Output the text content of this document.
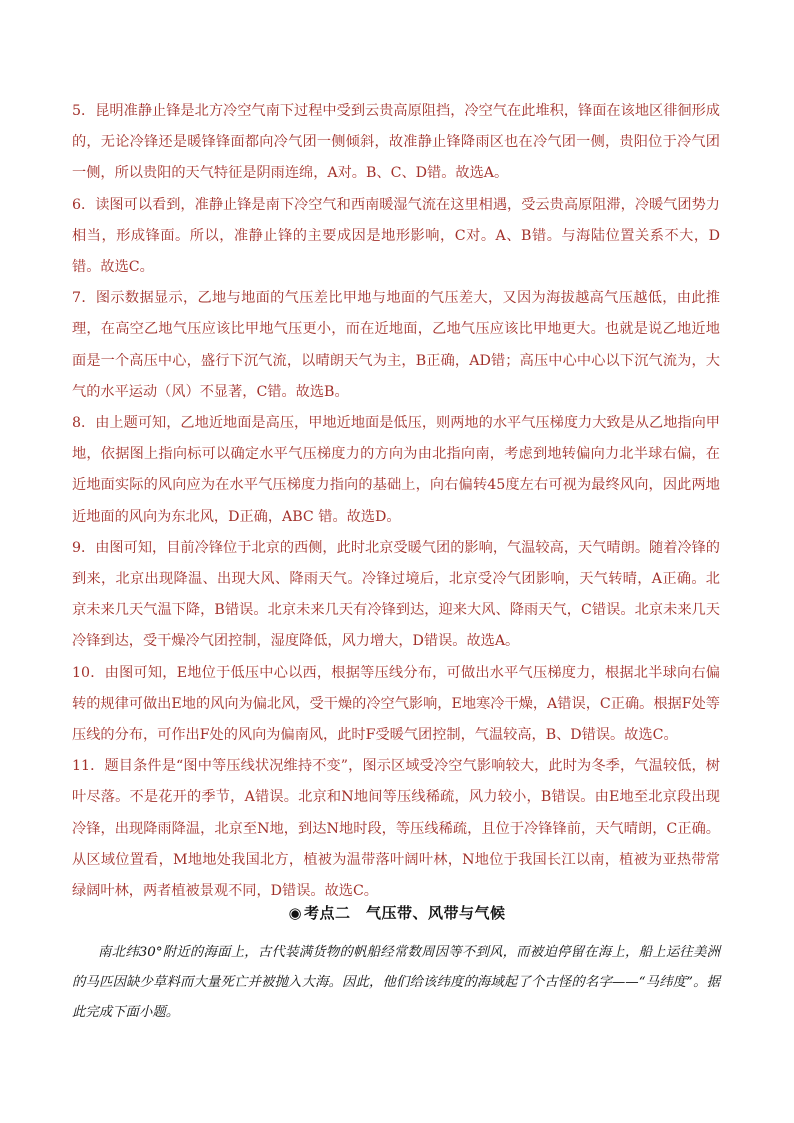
5．昆明准静止锋是北方冷空气南下过程中受到云贵高原阻挡，冷空气在此堆积，锋面在该地区徘徊形成的，无论冷锋还是暖锋锋面都向冷气团一侧倾斜，故准静止锋降雨区也在冷气团一侧，贵阳位于冷气团一侧，所以贵阳的天气特征是阴雨连绵，A对。B、C、D错。故选A。

6．读图可以看到，准静止锋是南下冷空气和西南暖湿气流在这里相遇，受云贵高原阻滞，冷暖气团势力相当，形成锋面。所以，准静止锋的主要成因是地形影响，C对。A、B错。与海陆位置关系不大，D错。故选C。

7．图示数据显示，乙地与地面的气压差比甲地与地面的气压差大，又因为海拔越高气压越低，由此推理，在高空乙地气压应该比甲地气压更小，而在近地面，乙地气压应该比甲地更大。也就是说乙地近地面是一个高压中心，盛行下沉气流，以晴朗天气为主，B正确，AD错；高压中心中心以下沉气流为，大气的水平运动（风）不显著，C错。故选B。

8．由上题可知，乙地近地面是高压，甲地近地面是低压，则两地的水平气压梯度力大致是从乙地指向甲地，依据图上指向标可以确定水平气压梯度力的方向为由北指向南，考虑到地转偏向力北半球右偏，在近地面实际的风向应为在水平气压梯度力指向的基础上，向右偏转45度左右可视为最终风向，因此两地近地面的风向为东北风，D正确，ABC 错。故选D。

9．由图可知，目前冷锋位于北京的西侧，此时北京受暖气团的影响，气温较高，天气晴朗。随着冷锋的到来，北京出现降温、出现大风、降雨天气。冷锋过境后，北京受冷气团影响，天气转晴，A正确。北京未来几天气温下降，B错误。北京未来几天有冷锋到达，迎来大风、降雨天气，C错误。北京未来几天冷锋到达，受干燥冷气团控制，湿度降低，风力增大，D错误。故选A。

10．由图可知，E地位于低压中心以西，根据等压线分布，可做出水平气压梯度力，根据北半球向右偏转的规律可做出E地的风向为偏北风，受干燥的冷空气影响，E地寒冷干燥，A错误，C正确。根据F处等压线的分布，可作出F处的风向为偏南风，此时F受暖气团控制，气温较高，B、D错误。故选C。

11．题目条件是“图中等压线状况维持不变”，图示区域受冷空气影响较大，此时为冬季，气温较低，树叶尽落。不是花开的季节，A错误。北京和N地间等压线稀疏，风力较小，B错误。由E地至北京段出现冷锋，出现降雨降温，北京至N地，到达N地时段，等压线稀疏，且位于冷锋锋前，天气晴朗，C正确。从区域位置看，M地地处我国北方，植被为温带落叶阔叶林，N地位于我国长江以南，植被为亚热带常绿阔叶林，两者植被景观不同，D错误。故选C。

◉ 考点二　气压带、风带与气候

南北纬30°附近的海面上，古代装满货物的帆船经常数周因等不到风，而被迫停留在海上，船上运往美洲的马匹因缺少草料而大量死亡并被抛入大海。因此，他们给该纬度的海域起了个古怪的名字——“马纬度”。据此完成下面小题。
